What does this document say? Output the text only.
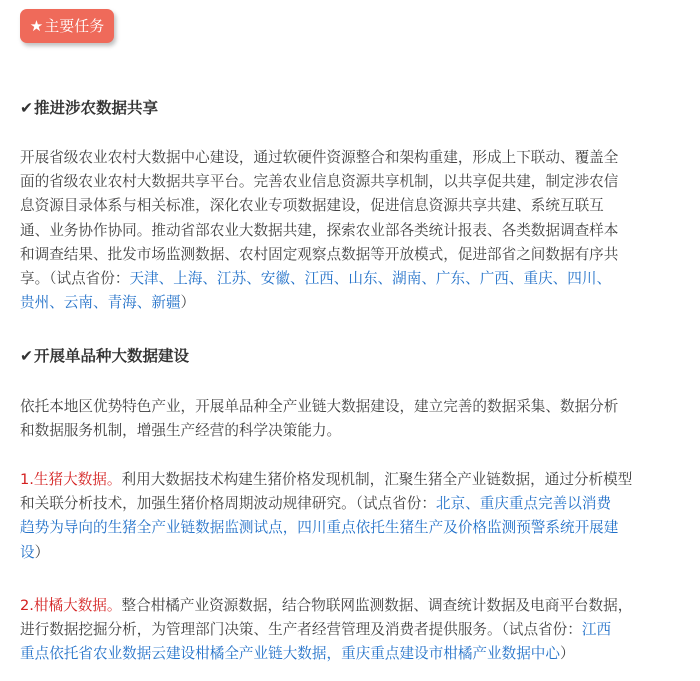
★主要任务
✔推进涉农数据共享
开展省级农业农村大数据中心建设，通过软硬件资源整合和架构重建，形成上下联动、覆盖全
面的省级农业农村大数据共享平台。完善农业信息资源共享机制，以共享促共建，制定涉农信
息资源目录体系与相关标准，深化农业专项数据建设，促进信息资源共享共建、系统互联互
通、业务协作协同。推动省部农业大数据共建，探索农业部各类统计报表、各类数据调查样本
和调查结果、批发市场监测数据、农村固定观察点数据等开放模式，促进部省之间数据有序共
享。（试点省份：天津、上海、江苏、安徽、江西、山东、湖南、广东、广西、重庆、四川、
贵州、云南、青海、新疆）
✔开展单品种大数据建设
依托本地区优势特色产业，开展单品种全产业链大数据建设，建立完善的数据采集、数据分析
和数据服务机制，增强生产经营的科学决策能力。
1.生猪大数据。利用大数据技术构建生猪价格发现机制，汇聚生猪全产业链数据，通过分析模型
和关联分析技术，加强生猪价格周期波动规律研究。（试点省份：北京、重庆重点完善以消费
趋势为导向的生猪全产业链数据监测试点，四川重点依托生猪生产及价格监测预警系统开展建
设）
2.柑橘大数据。整合柑橘产业资源数据，结合物联网监测数据、调查统计数据及电商平台数据，
进行数据挖掘分析，为管理部门决策、生产者经营管理及消费者提供服务。（试点省份：江西
重点依托省农业数据云建设柑橘全产业链大数据，重庆重点建设市柑橘产业数据中心）
